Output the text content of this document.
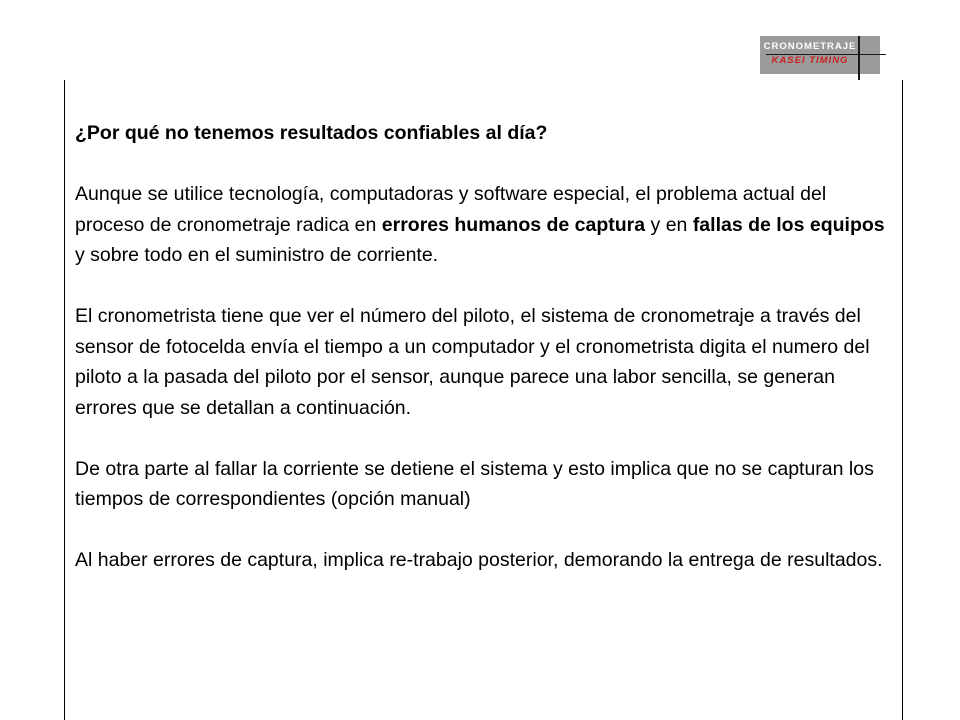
CRONOMETRAJE
KASEI TIMING

¿Por qué no tenemos resultados confiables al día?

Aunque se utilice tecnología, computadoras y software especial, el problema actual del proceso de cronometraje radica en errores humanos de captura y en fallas de los equipos y sobre todo en el suministro de corriente.

El cronometrista tiene que ver el número del piloto, el sistema de cronometraje a través del sensor de fotocelda envía el tiempo a un computador y el cronometrista digita el numero del piloto a la pasada del piloto por el sensor, aunque parece una labor sencilla, se generan errores que se detallan a continuación.

De otra parte al fallar la corriente se detiene el sistema y esto implica que no se capturan los tiempos de correspondientes (opción manual)

Al haber errores de captura, implica re-trabajo posterior, demorando la entrega de resultados.
